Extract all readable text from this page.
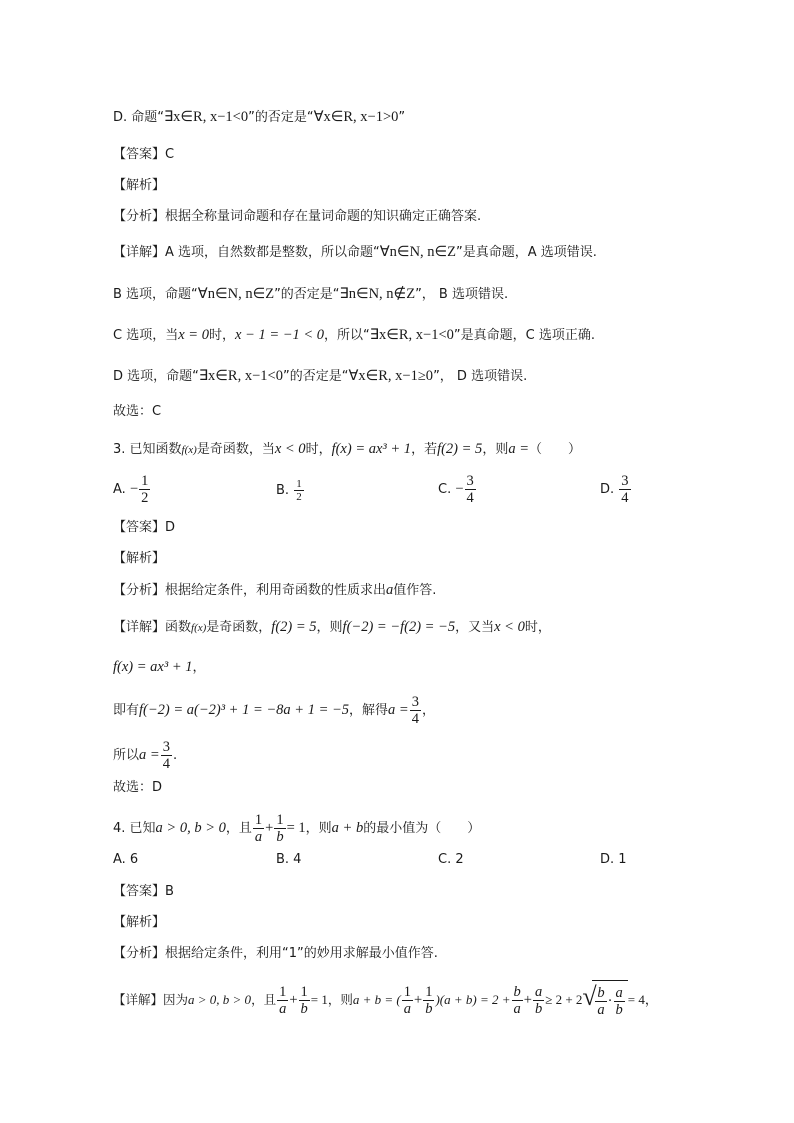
D. 命题“∃x∈R, x−1<0”的否定是“∀x∈R, x−1>0”
【答案】C
【解析】
【分析】根据全称量词命题和存在量词命题的知识确定正确答案.
【详解】A 选项，自然数都是整数，所以命题“∀n∈N, n∈Z”是真命题，A 选项错误.
B 选项，命题“∀n∈N, n∈Z”的否定是“∃n∈N, n∉Z”， B 选项错误.
C 选项，当x = 0时，x − 1 = −1 < 0，所以“∃x∈R, x−1<0”是真命题，C 选项正确.
D 选项，命题“∃x∈R, x−1<0”的否定是“∀x∈R, x−1≥0”， D 选项错误.
故选：C
3. 已知函数f(x)是奇函数，当x < 0时，f(x) = ax³ + 1，若f(2) = 5，则a =（　　）
A. − $\frac{1}{2}$	B. $\frac{1}{2}$	C. − $\frac{3}{4}$	D. $\frac{3}{4}$
【答案】D
【解析】
【分析】根据给定条件，利用奇函数的性质求出a值作答.
【详解】函数f(x)是奇函数，f(2) = 5，则f(−2) = −f(2) = −5，又当x < 0时，
f(x) = ax³ + 1，
即有f(−2) = a(−2)³ + 1 = −8a + 1 = −5，解得$a = \frac{3}{4}$ ，
所以$a = \frac{3}{4}$ .
故选：D
4. 已知a > 0, b > 0，且 $\frac{1}{a} + \frac{1}{b} = 1$，则a + b的最小值为（　　）
A. 6	B. 4	C. 2	D. 1
【答案】B
【解析】
【分析】根据给定条件，利用“1”的妙用求解最小值作答.
【详解】因为a > 0, b > 0，且 $\frac{1}{a} + \frac{1}{b} = 1$，则a + b = ( $\frac{1}{a} + \frac{1}{b} )(a + b) = 2 + \frac{b}{a} + \frac{a}{b} \ge 2 + 2$ √
$\frac{b}{a} \cdot \frac{a}{b} = 4$，
